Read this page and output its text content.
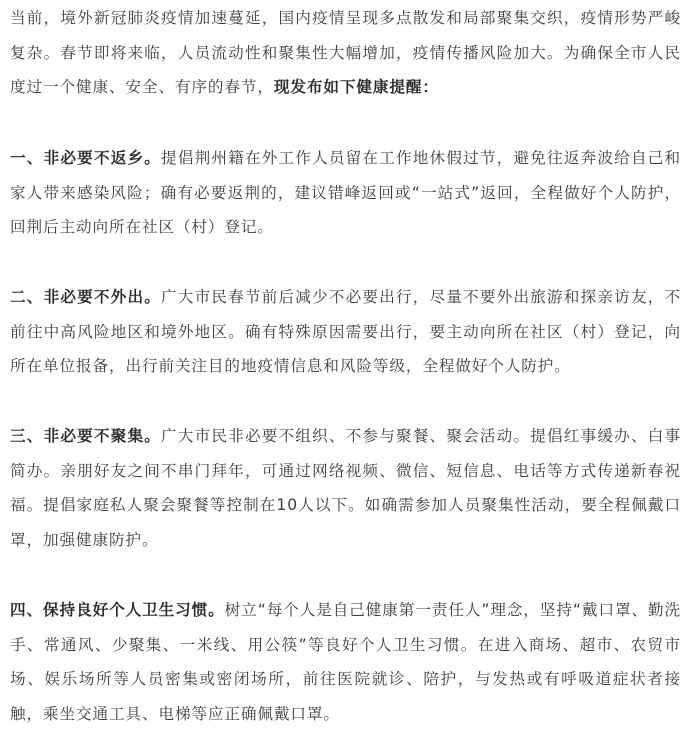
当前，境外新冠肺炎疫情加速蔓延，国内疫情呈现多点散发和局部聚集交织，疫情形势严峻复杂。春节即将来临，人员流动性和聚集性大幅增加，疫情传播风险加大。为确保全市人民度过一个健康、安全、有序的春节，现发布如下健康提醒：

一、非必要不返乡。提倡荆州籍在外工作人员留在工作地休假过节，避免往返奔波给自己和家人带来感染风险；确有必要返荆的，建议错峰返回或“一站式”返回，全程做好个人防护，回荆后主动向所在社区（村）登记。

二、非必要不外出。广大市民春节前后减少不必要出行，尽量不要外出旅游和探亲访友，不前往中高风险地区和境外地区。确有特殊原因需要出行，要主动向所在社区（村）登记，向所在单位报备，出行前关注目的地疫情信息和风险等级，全程做好个人防护。

三、非必要不聚集。广大市民非必要不组织、不参与聚餐、聚会活动。提倡红事缓办、白事简办。亲朋好友之间不串门拜年，可通过网络视频、微信、短信息、电话等方式传递新春祝福。提倡家庭私人聚会聚餐等控制在10人以下。如确需参加人员聚集性活动，要全程佩戴口罩，加强健康防护。

四、保持良好个人卫生习惯。树立“每个人是自己健康第一责任人”理念，坚持“戴口罩、勤洗手、常通风、少聚集、一米线、用公筷”等良好个人卫生习惯。在进入商场、超市、农贸市场、娱乐场所等人员密集或密闭场所，前往医院就诊、陪护，与发热或有呼吸道症状者接触，乘坐交通工具、电梯等应正确佩戴口罩。
